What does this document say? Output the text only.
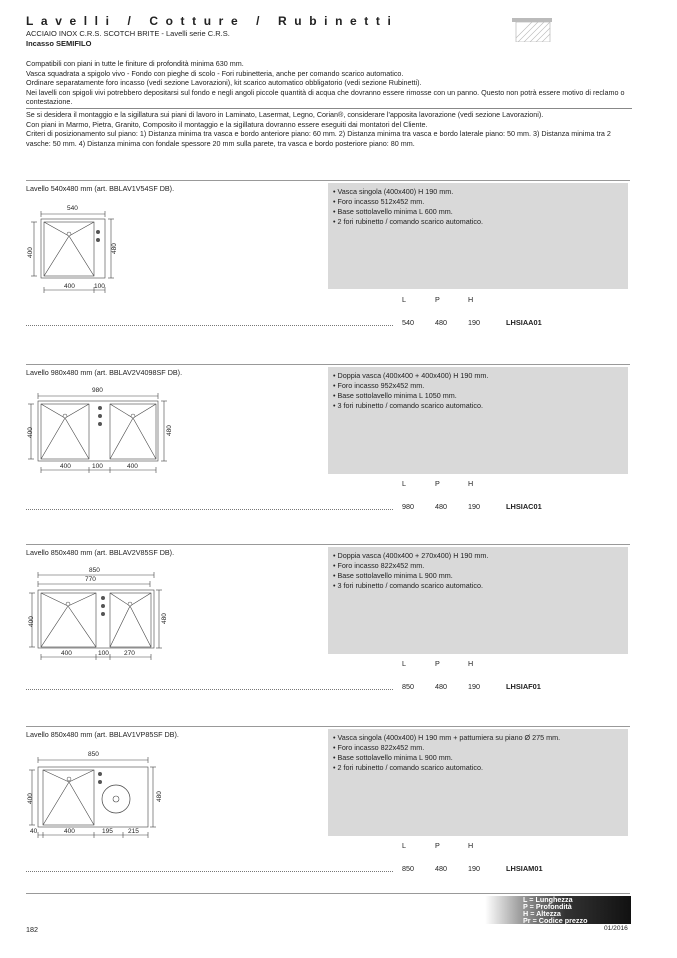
Lavelli / Cotture / Rubinetti
ACCIAIO INOX C.R.S. SCOTCH BRITE - Lavelli serie C.R.S.
Incasso SEMIFILO

Compatibili con piani in tutte le finiture di profondità minima 630 mm.

Vasca squadrata a spigolo vivo - Fondo con pieghe di scolo - Fori rubinetteria, anche per comando scarico automatico.

Ordinare separatamente foro incasso (vedi sezione Lavorazioni), kit scarico automatico obbligatorio (vedi sezione Rubinetti).

Nei lavelli con spigoli vivi potrebbero depositarsi sul fondo e negli angoli piccole quantità di acqua che dovranno essere rimosse con un panno. Questo non potrà essere motivo di reclamo o contestazione.

Se si desidera il montaggio e la sigillatura sui piani di lavoro in Laminato, Lasermat, Legno, Corian®, considerare l'apposita lavorazione (vedi sezione Lavorazioni).

Con piani in Marmo, Pietra, Granito, Composito il montaggio e la sigillatura dovranno essere eseguiti dai montatori del Cliente.

Criteri di posizionamento sul piano: 1) Distanza minima tra vasca e bordo anteriore piano: 60 mm. 2) Distanza minima tra vasca e bordo laterale piano: 50 mm. 3) Distanza minima tra 2 vasche: 50 mm. 4) Distanza minima con fondale spessore 20 mm sulla parete, tra vasca e bordo posteriore piano: 80 mm.

Lavello 540x480 mm (art. BBLAV1V54SF DB).
540
400	480
400	100
• Vasca singola (400x400) H 190 mm.
• Foro incasso 512x452 mm.
• Base sottolavello minima L 600 mm.
• 2 fori rubinetto / comando scarico automatico.
L	P	H
540	480	190	LHSIAA01
Lavello 980x480 mm (art. BBLAV2V4098SF DB).
980
400	480
400	100	400
• Doppia vasca (400x400 + 400x400) H 190 mm.
• Foro incasso 952x452 mm.
• Base sottolavello minima L 1050 mm.
• 3 fori rubinetto / comando scarico automatico.
L	P	H
980	480	190	LHSIAC01
Lavello 850x480 mm (art. BBLAV2V85SF DB).
850
770
400	480
400	100 270
• Doppia vasca (400x400 + 270x400) H 190 mm.
• Foro incasso 822x452 mm.
• Base sottolavello minima L 900 mm.
• 3 fori rubinetto / comando scarico automatico.
L	P	H
850	480	190	LHSIAF01
Lavello 850x480 mm (art. BBLAV1VP85SF DB).
850
400	480
40	400	195 215
• Vasca singola (400x400) H 190 mm + pattumiera su piano Ø 275 mm.
• Foro incasso 822x452 mm.
• Base sottolavello minima L 900 mm.
• 2 fori rubinetto / comando scarico automatico.
L	P	H
850	480	190	LHSIAM01
L = Lunghezza
P = Profondità
H = Altezza
Pr = Codice prezzo
182	01/2016
